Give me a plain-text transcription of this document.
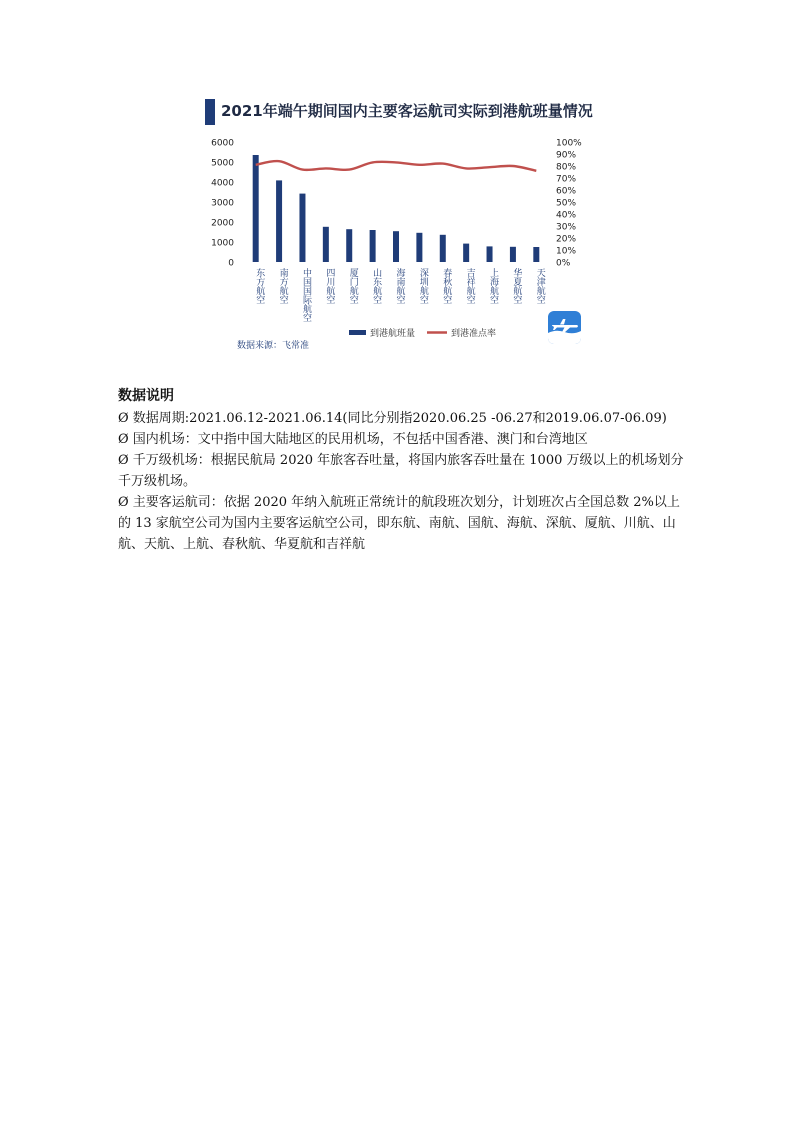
2021年端午期间国内主要客运航司实际到港航班量情况
0
1000
2000
3000
4000
5000
6000
0%
10%
20%
30%
40%
50%
60%
70%
80%
90%
100%
东方航空 南方航空 中国国际航空 四川航空 厦门航空 山东航空 海南航空 深圳航空 春秋航空 吉祥航空 上海航空 华夏航空 天津航空
到港航班量	到港准点率
数据来源：飞常准
数据说明

Ø 数据周期:2021.06.12-2021.06.14(同比分别指2020.06.25 -06.27和2019.06.07-06.09)

Ø 国内机场：文中指中国大陆地区的民用机场，不包括中国香港、澳门和台湾地区

Ø 千万级机场：根据民航局 2020 年旅客吞吐量，将国内旅客吞吐量在 1000 万级以上的机场划分千万级机场。

Ø 主要客运航司：依据 2020 年纳入航班正常统计的航段班次划分，计划班次占全国总数 2%以上的 13 家航空公司为国内主要客运航空公司，即东航、南航、国航、海航、深航、厦航、川航、山航、天航、上航、春秋航、华夏航和吉祥航
